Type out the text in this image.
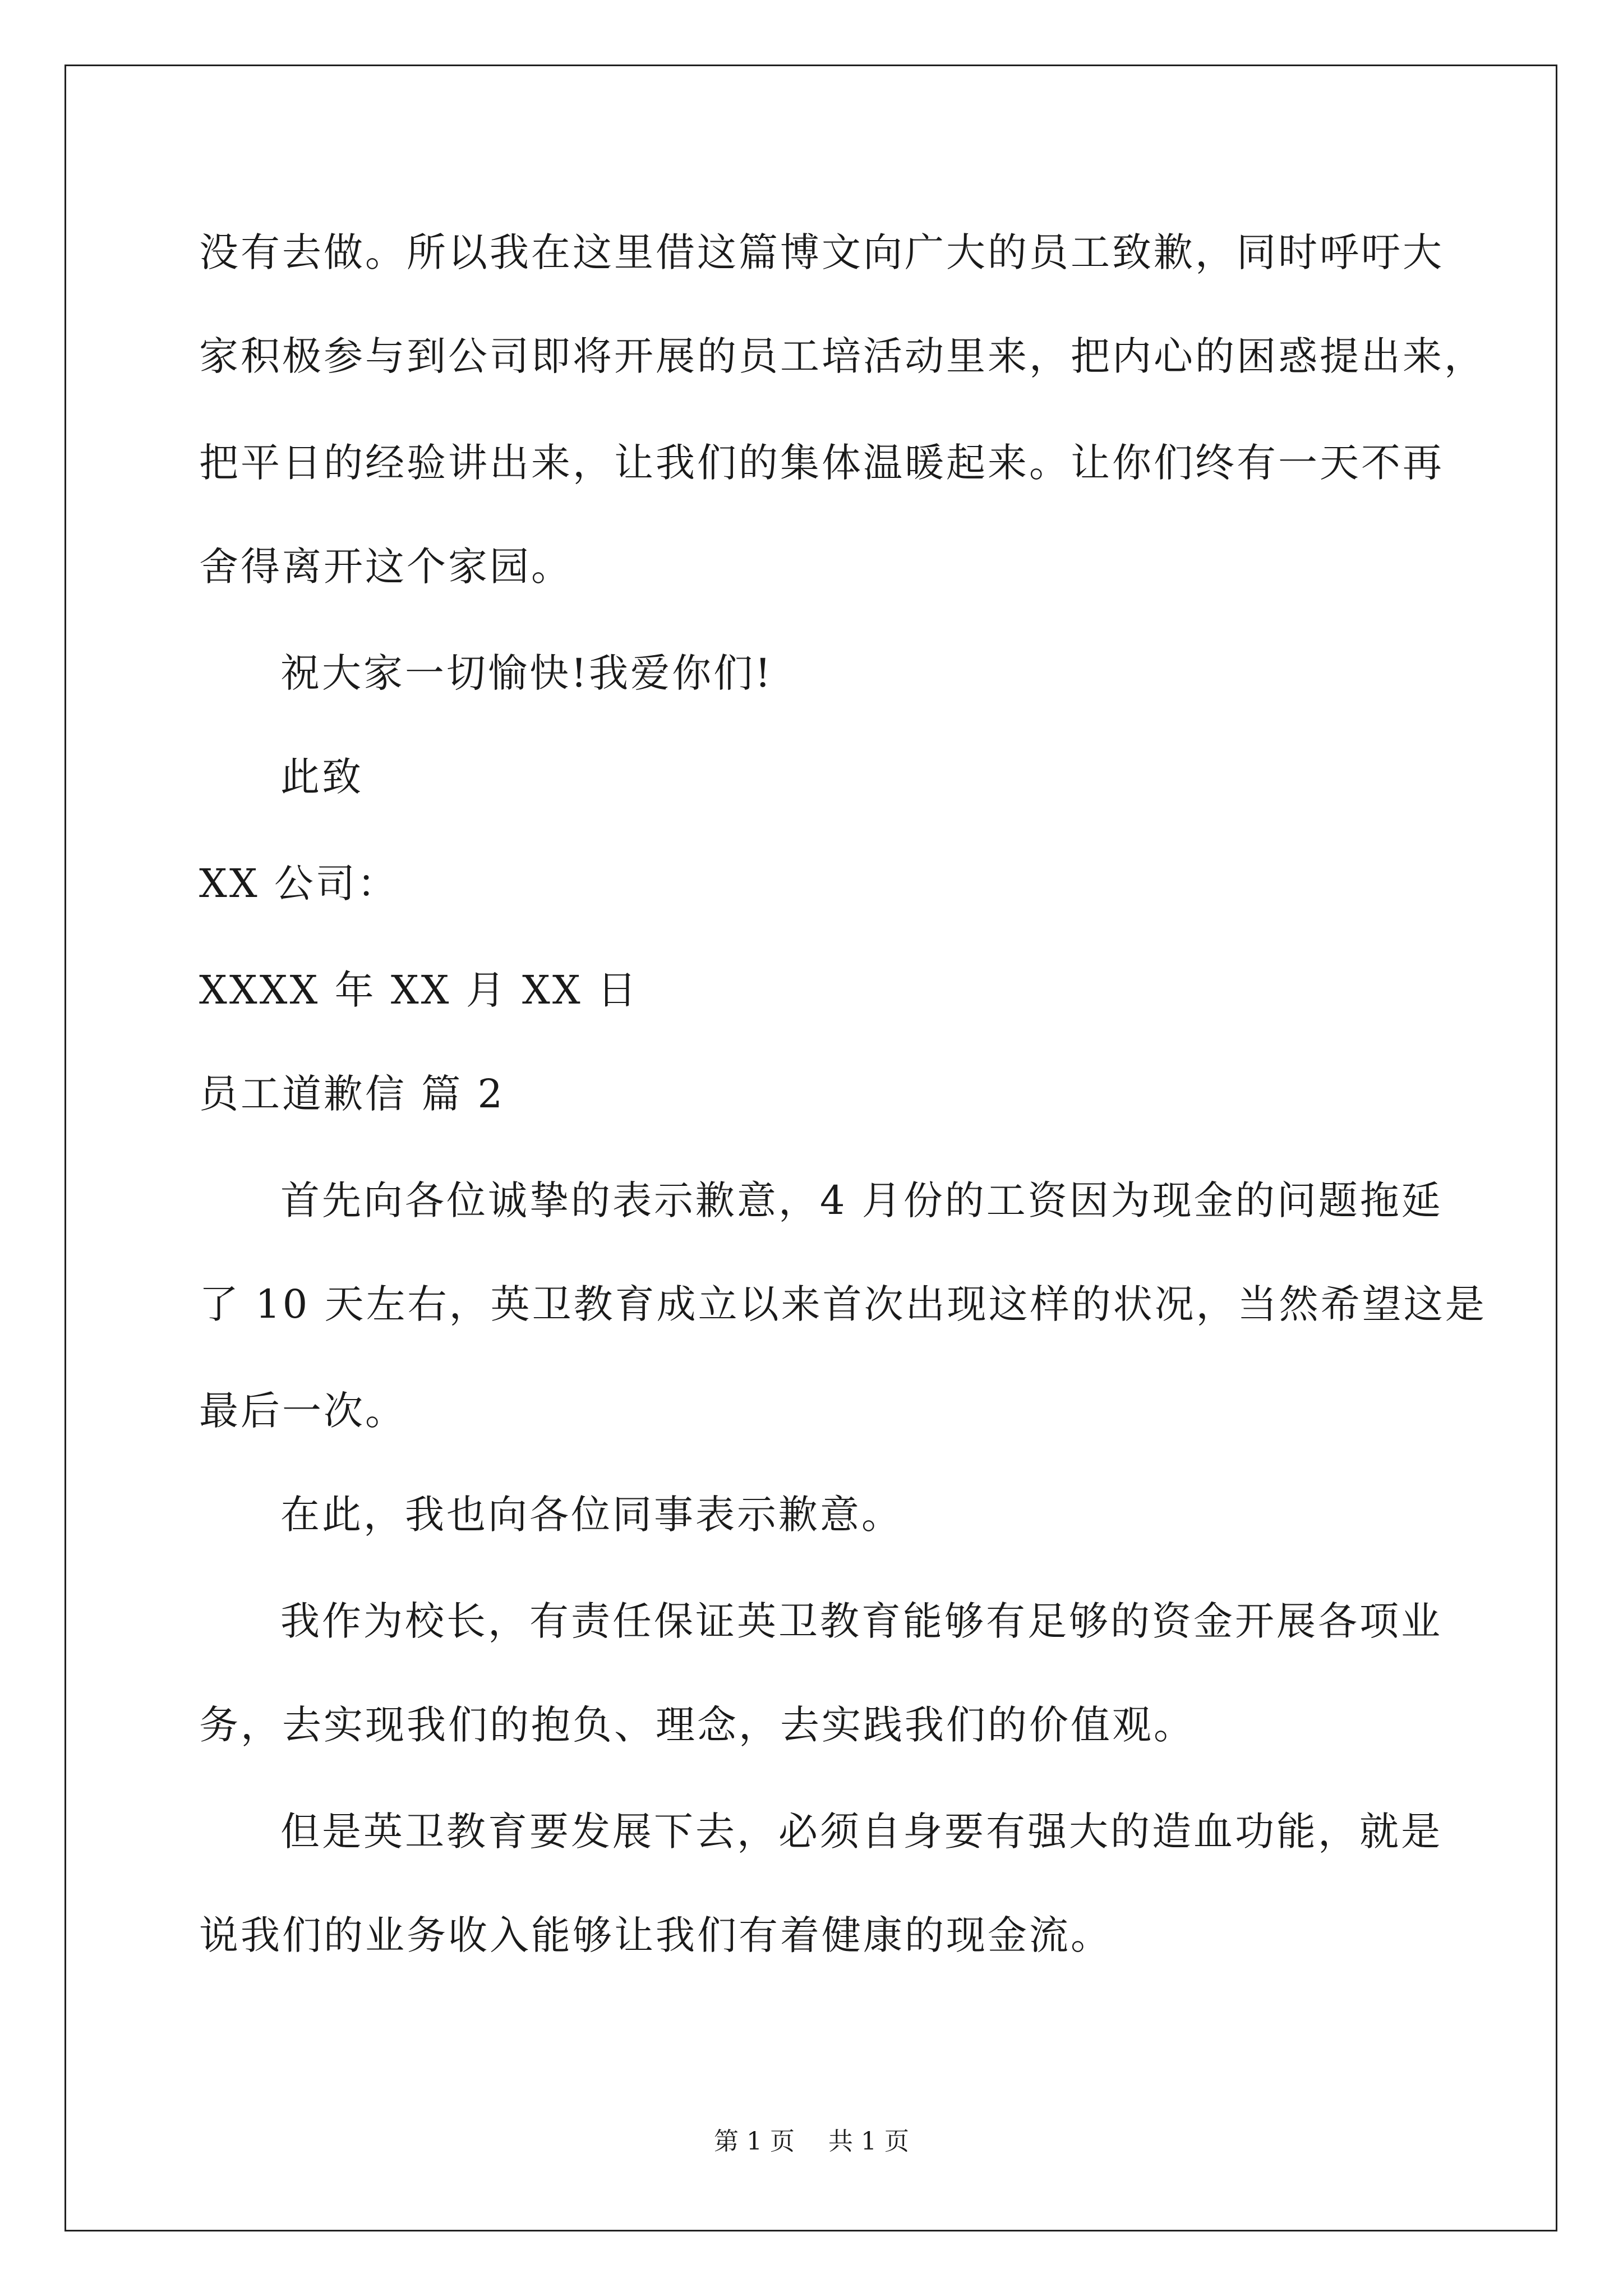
没有去做。所以我在这里借这篇博文向广大的员工致歉，同时呼吁大
家积极参与到公司即将开展的员工培活动里来，把内心的困惑提出来，
把平日的经验讲出来，让我们的集体温暖起来。让你们终有一天不再
舍得离开这个家园。
祝大家一切愉快!我爱你们!
此致
XX 公司：
XXXX 年 XX 月 XX 日
员工道歉信 篇 2
首先向各位诚挚的表示歉意，4 月份的工资因为现金的问题拖延
了 10 天左右，英卫教育成立以来首次出现这样的状况，当然希望这是
最后一次。
在此，我也向各位同事表示歉意。
我作为校长，有责任保证英卫教育能够有足够的资金开展各项业
务，去实现我们的抱负、理念，去实践我们的价值观。
但是英卫教育要发展下去，必须自身要有强大的造血功能，就是
说我们的业务收入能够让我们有着健康的现金流。
第 1 页 共 1 页
